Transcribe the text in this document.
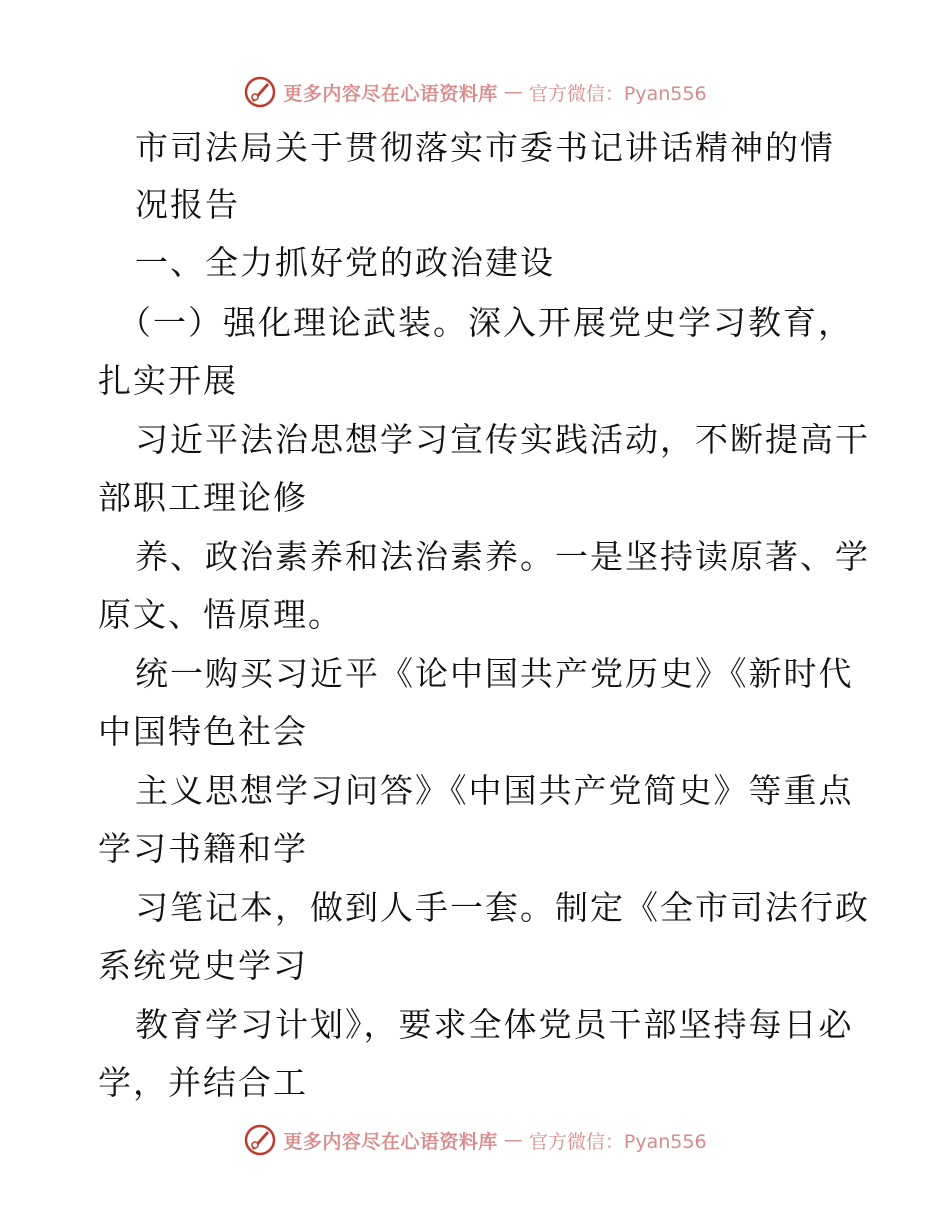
更多内容尽在心语资料库 — 官方微信：Pyan556
市司法局关于贯彻落实市委书记讲话精神的情
况报告
一、全力抓好党的政治建设
（一）强化理论武装。深入开展党史学习教育，
扎实开展
习近平法治思想学习宣传实践活动，不断提高干
部职工理论修
养、政治素养和法治素养。一是坚持读原著、学
原文、悟原理。
统一购买习近平《论中国共产党历史》《新时代
中国特色社会
主义思想学习问答》《中国共产党简史》等重点
学习书籍和学
习笔记本，做到人手一套。制定《全市司法行政
系统党史学习
教育学习计划》，要求全体党员干部坚持每日必
学，并结合工
更多内容尽在心语资料库 — 官方微信：Pyan556
